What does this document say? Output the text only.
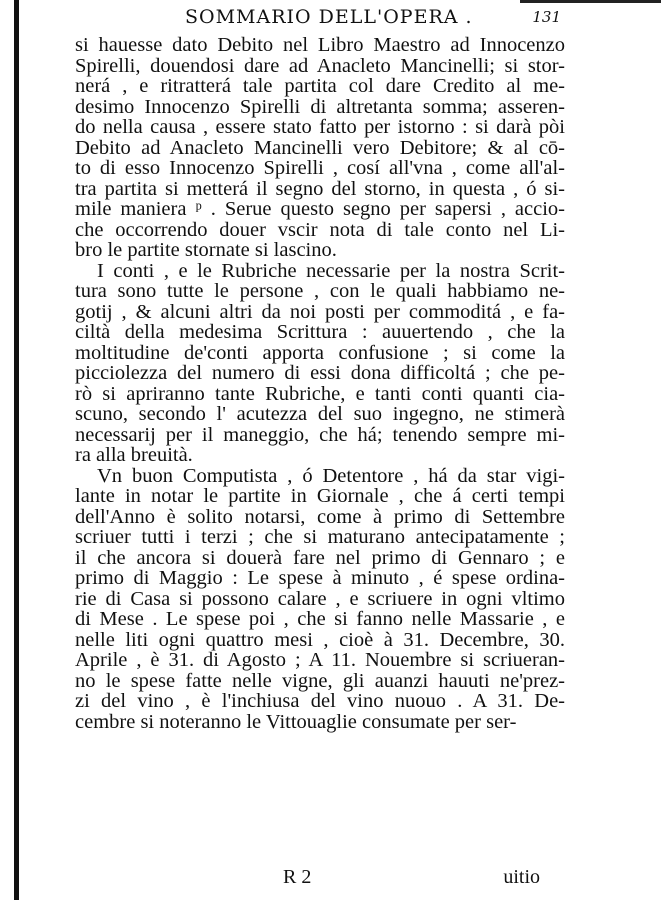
SOMMARIO DELL'OPERA .	131
si hauesse dato Debito nel Libro Maestro ad Innocenzo
Spirelli, douendosi dare ad Anacleto Mancinelli; si stor-
nerá , e ritratterá tale partita col dare Credito al me-
desimo Innocenzo Spirelli di altretanta somma; asseren-
do nella causa , essere stato fatto per istorno : si darà pòi
Debito ad Anacleto Mancinelli vero Debitore; & al cō-
to di esso Innocenzo Spirelli , cosí all'vna , come all'al-
tra partita si metterá il segno del storno, in questa , ó si-
mile maniera ᵖ . Serue questo segno per sapersi , accio-
che occorrendo douer vscir nota di tale conto nel Li-
bro le partite stornate si lascino.
I conti , e le Rubriche necessarie per la nostra Scrit-
tura sono tutte le persone , con le quali habbiamo ne-
gotij , & alcuni altri da noi posti per commoditá , e fa-
ciltà della medesima Scrittura : auuertendo , che la
moltitudine de'conti apporta confusione ; si come la
picciolezza del numero di essi dona difficoltá ; che pe-
rò si apriranno tante Rubriche, e tanti conti quanti cia-
scuno, secondo l' acutezza del suo ingegno, ne stimerà
necessarij per il maneggio, che há; tenendo sempre mi-
ra alla breuità.
Vn buon Computista , ó Detentore , há da star vigi-
lante in notar le partite in Giornale , che á certi tempi
dell'Anno è solito notarsi, come à primo di Settembre
scriuer tutti i terzi ; che si maturano antecipatamente ;
il che ancora si douerà fare nel primo di Gennaro ; e
primo di Maggio : Le spese à minuto , é spese ordina-
rie di Casa si possono calare , e scriuere in ogni vltimo
di Mese . Le spese poi , che si fanno nelle Massarie , e
nelle liti ogni quattro mesi , cioè à 31. Decembre, 30.
Aprile , è 31. di Agosto ; A 11. Nouembre si scriueran-
no le spese fatte nelle vigne, gli auanzi hauuti ne'prez-
zi del vino , è l'inchiusa del vino nuouo . A 31. De-
cembre si noteranno le Vittouaglie consumate per ser-
R 2	uitio
